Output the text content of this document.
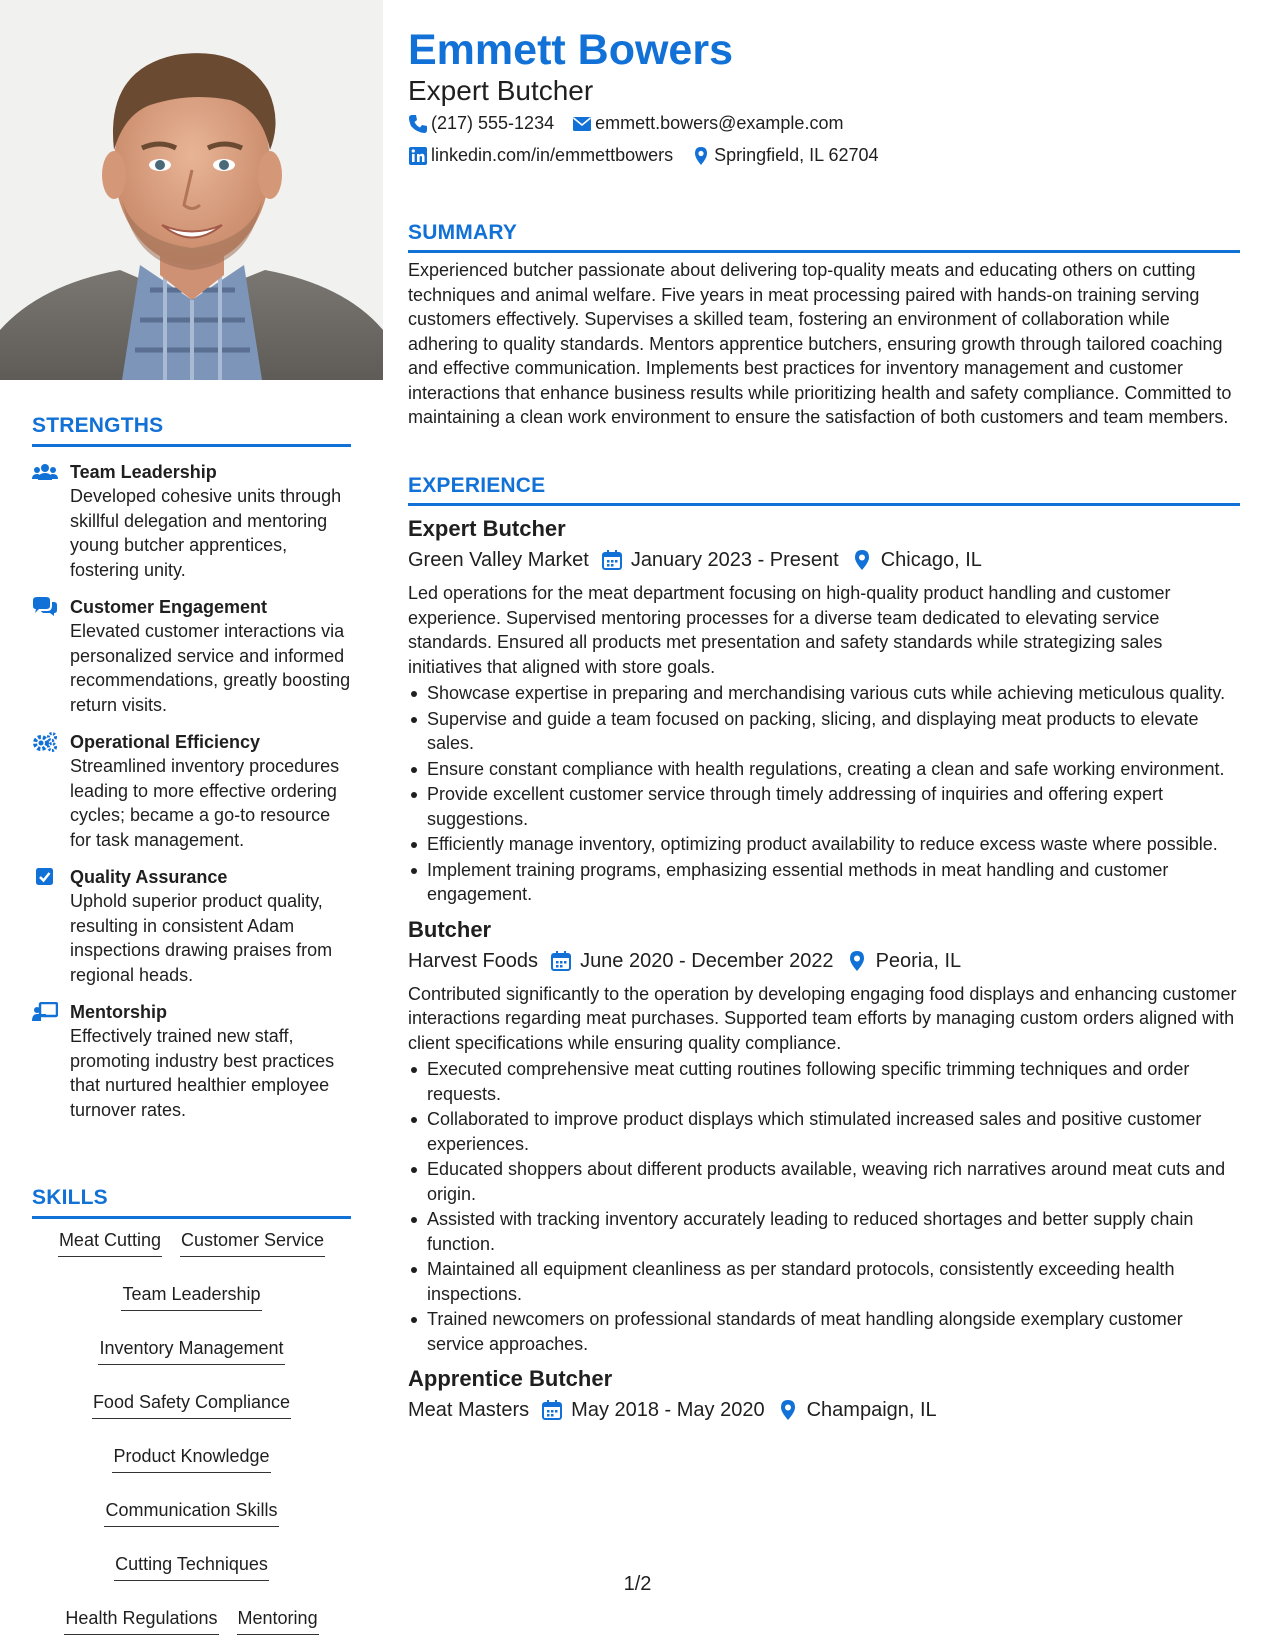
STRENGTHS
Team Leadership
Developed cohesive units through skillful delegation and mentoring young butcher apprentices, fostering unity.
Customer Engagement
Elevated customer interactions via personalized service and informed recommendations, greatly boosting return visits.
Operational Efficiency
Streamlined inventory procedures leading to more effective ordering cycles; became a go-to resource for task management.
Quality Assurance
Uphold superior product quality, resulting in consistent Adam inspections drawing praises from regional heads.
Mentorship
Effectively trained new staff, promoting industry best practices that nurtured healthier employee turnover rates.
SKILLS
Meat Cutting Customer Service
Team Leadership
Inventory Management
Food Safety Compliance
Product Knowledge
Communication Skills
Cutting Techniques
Health Regulations Mentoring
Emmett Bowers
Expert Butcher
(217) 555-1234 emmett.bowers@example.com
linkedin.com/in/emmettbowers Springfield, IL 62704
SUMMARY
Experienced butcher passionate about delivering top-quality meats and educating others on cutting techniques and animal welfare. Five years in meat processing paired with hands-on training serving customers effectively. Supervises a skilled team, fostering an environment of collaboration while adhering to quality standards. Mentors apprentice butchers, ensuring growth through tailored coaching and effective communication. Implements best practices for inventory management and customer interactions that enhance business results while prioritizing health and safety compliance. Committed to maintaining a clean work environment to ensure the satisfaction of both customers and team members.
EXPERIENCE
Expert Butcher
Green Valley Market January 2023 - Present Chicago, IL
Led operations for the meat department focusing on high-quality product handling and customer experience. Supervised mentoring processes for a diverse team dedicated to elevating service standards. Ensured all products met presentation and safety standards while strategizing sales initiatives that aligned with store goals.
Showcase expertise in preparing and merchandising various cuts while achieving meticulous quality.
Supervise and guide a team focused on packing, slicing, and displaying meat products to elevate sales.
Ensure constant compliance with health regulations, creating a clean and safe working environment.
Provide excellent customer service through timely addressing of inquiries and offering expert suggestions.
Efficiently manage inventory, optimizing product availability to reduce excess waste where possible.
Implement training programs, emphasizing essential methods in meat handling and customer engagement.
Butcher
Harvest Foods June 2020 - December 2022 Peoria, IL
Contributed significantly to the operation by developing engaging food displays and enhancing customer interactions regarding meat purchases. Supported team efforts by managing custom orders aligned with client specifications while ensuring quality compliance.
Executed comprehensive meat cutting routines following specific trimming techniques and order requests.
Collaborated to improve product displays which stimulated increased sales and positive customer experiences.
Educated shoppers about different products available, weaving rich narratives around meat cuts and origin.
Assisted with tracking inventory accurately leading to reduced shortages and better supply chain function.
Maintained all equipment cleanliness as per standard protocols, consistently exceeding health inspections.
Trained newcomers on professional standards of meat handling alongside exemplary customer service approaches.
Apprentice Butcher
Meat Masters May 2018 - May 2020 Champaign, IL
1/2
